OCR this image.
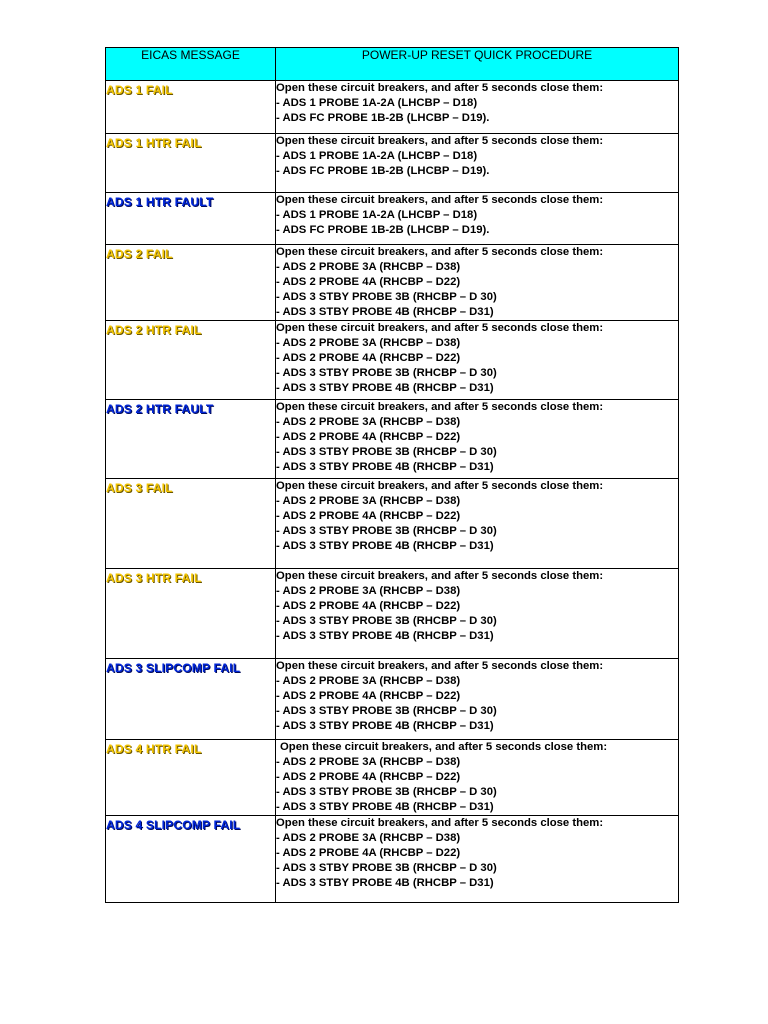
EICAS MESSAGE	POWER-UP RESET QUICK PROCEDURE
ADS 1 FAIL	Open these circuit breakers, and after 5 seconds close them:
- ADS 1 PROBE 1A-2A (LHCBP – D18)
- ADS FC PROBE 1B-2B (LHCBP – D19).

ADS 1 HTR FAIL	Open these circuit breakers, and after 5 seconds close them:
- ADS 1 PROBE 1A-2A (LHCBP – D18)
- ADS FC PROBE 1B-2B (LHCBP – D19).

ADS 1 HTR FAULT	Open these circuit breakers, and after 5 seconds close them:
- ADS 1 PROBE 1A-2A (LHCBP – D18)
- ADS FC PROBE 1B-2B (LHCBP – D19).

ADS 2 FAIL	Open these circuit breakers, and after 5 seconds close them:
- ADS 2 PROBE 3A (RHCBP – D38)
- ADS 2 PROBE 4A (RHCBP – D22)
- ADS 3 STBY PROBE 3B (RHCBP – D 30)
- ADS 3 STBY PROBE 4B (RHCBP – D31)

ADS 2 HTR FAIL	Open these circuit breakers, and after 5 seconds close them:
- ADS 2 PROBE 3A (RHCBP – D38)
- ADS 2 PROBE 4A (RHCBP – D22)
- ADS 3 STBY PROBE 3B (RHCBP – D 30)
- ADS 3 STBY PROBE 4B (RHCBP – D31)

ADS 2 HTR FAULT	Open these circuit breakers, and after 5 seconds close them:
- ADS 2 PROBE 3A (RHCBP – D38)
- ADS 2 PROBE 4A (RHCBP – D22)
- ADS 3 STBY PROBE 3B (RHCBP – D 30)
- ADS 3 STBY PROBE 4B (RHCBP – D31)

ADS 3 FAIL	Open these circuit breakers, and after 5 seconds close them:
- ADS 2 PROBE 3A (RHCBP – D38)
- ADS 2 PROBE 4A (RHCBP – D22)
- ADS 3 STBY PROBE 3B (RHCBP – D 30)
- ADS 3 STBY PROBE 4B (RHCBP – D31)

ADS 3 HTR FAIL	Open these circuit breakers, and after 5 seconds close them:
- ADS 2 PROBE 3A (RHCBP – D38)
- ADS 2 PROBE 4A (RHCBP – D22)
- ADS 3 STBY PROBE 3B (RHCBP – D 30)
- ADS 3 STBY PROBE 4B (RHCBP – D31)

ADS 3 SLIPCOMP FAIL	Open these circuit breakers, and after 5 seconds close them:
- ADS 2 PROBE 3A (RHCBP – D38)
- ADS 2 PROBE 4A (RHCBP – D22)
- ADS 3 STBY PROBE 3B (RHCBP – D 30)
- ADS 3 STBY PROBE 4B (RHCBP – D31)

ADS 4 HTR FAIL	Open these circuit breakers, and after 5 seconds close them:
- ADS 2 PROBE 3A (RHCBP – D38)
- ADS 2 PROBE 4A (RHCBP – D22)
- ADS 3 STBY PROBE 3B (RHCBP – D 30)
- ADS 3 STBY PROBE 4B (RHCBP – D31)

ADS 4 SLIPCOMP FAIL	Open these circuit breakers, and after 5 seconds close them:
- ADS 2 PROBE 3A (RHCBP – D38)
- ADS 2 PROBE 4A (RHCBP – D22)
- ADS 3 STBY PROBE 3B (RHCBP – D 30)
- ADS 3 STBY PROBE 4B (RHCBP – D31)
